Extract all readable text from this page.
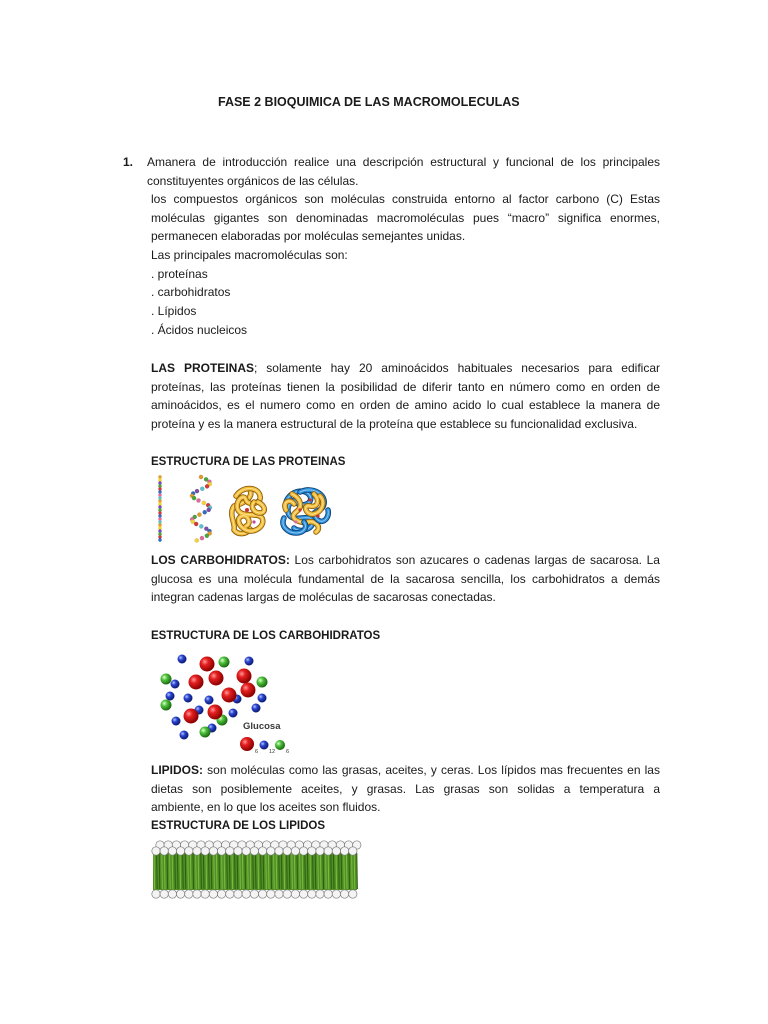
FASE 2 BIOQUIMICA DE LAS MACROMOLECULAS
1. Amanera de introducción realice una descripción estructural y funcional de los principales
constituyentes orgánicos de las células.
los compuestos orgánicos son moléculas construida entorno al factor carbono (C) Estas
moléculas gigantes son denominadas macromoléculas pues “macro” significa enormes,
permanecen elaboradas por moléculas semejantes unidas.
Las principales macromoléculas son:
. proteínas
. carbohidratos
. Lípidos
. Ácidos nucleicos
LAS PROTEINAS; solamente hay 20 aminoácidos habituales necesarios para edificar
proteínas, las proteínas tienen la posibilidad de diferir tanto en número como en orden de
aminoácidos, es el numero como en orden de amino acido lo cual establece la manera de
proteína y es la manera estructural de la proteína que establece su funcionalidad exclusiva.
ESTRUCTURA DE LAS PROTEINAS
LOS CARBOHIDRATOS: Los carbohidratos son azucares o cadenas largas de sacarosa. La
glucosa es una molécula fundamental de la sacarosa sencilla, los carbohidratos a demás
integran cadenas largas de moléculas de sacarosas conectadas.
ESTRUCTURA DE LOS CARBOHIDRATOS
Glucosa
6 12 6
LIPIDOS: son moléculas como las grasas, aceites, y ceras. Los lípidos mas frecuentes en las
dietas son posiblemente aceites, y grasas. Las grasas son solidas a temperatura a
ambiente, en lo que los aceites son fluidos.
ESTRUCTURA DE LOS LIPIDOS
